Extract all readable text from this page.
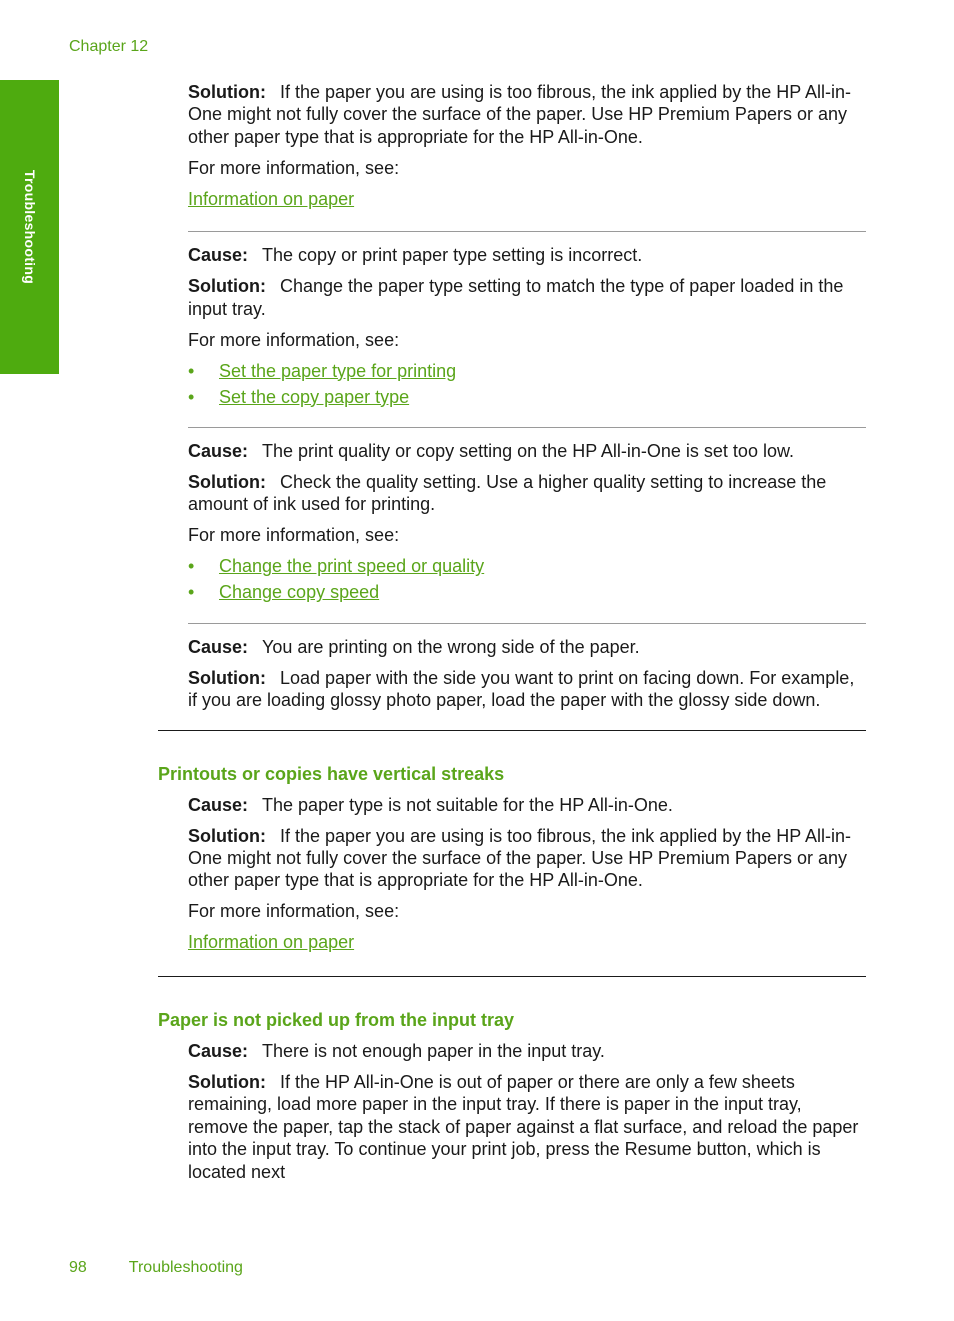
Chapter 12
Troubleshooting

Solution: If the paper you are using is too fibrous, the ink applied by the HP All-in-One might not fully cover the surface of the paper. Use HP Premium Papers or any other paper type that is appropriate for the HP All-in-One.

For more information, see:

Information on paper

Cause: The copy or print paper type setting is incorrect.

Solution: Change the paper type setting to match the type of paper loaded in the input tray.

For more information, see:

• Set the paper type for printing
• Set the copy paper type

Cause: The print quality or copy setting on the HP All-in-One is set too low.

Solution: Check the quality setting. Use a higher quality setting to increase the amount of ink used for printing.

For more information, see:

• Change the print speed or quality
• Change copy speed

Cause: You are printing on the wrong side of the paper.

Solution: Load paper with the side you want to print on facing down. For example, if you are loading glossy photo paper, load the paper with the glossy side down.

Printouts or copies have vertical streaks

Cause: The paper type is not suitable for the HP All-in-One.

Solution: If the paper you are using is too fibrous, the ink applied by the HP All-in-One might not fully cover the surface of the paper. Use HP Premium Papers or any other paper type that is appropriate for the HP All-in-One.

For more information, see:

Information on paper

Paper is not picked up from the input tray

Cause: There is not enough paper in the input tray.

Solution: If the HP All-in-One is out of paper or there are only a few sheets remaining, load more paper in the input tray. If there is paper in the input tray, remove the paper, tap the stack of paper against a flat surface, and reload the paper into the input tray. To continue your print job, press the Resume button, which is located next

98	Troubleshooting
